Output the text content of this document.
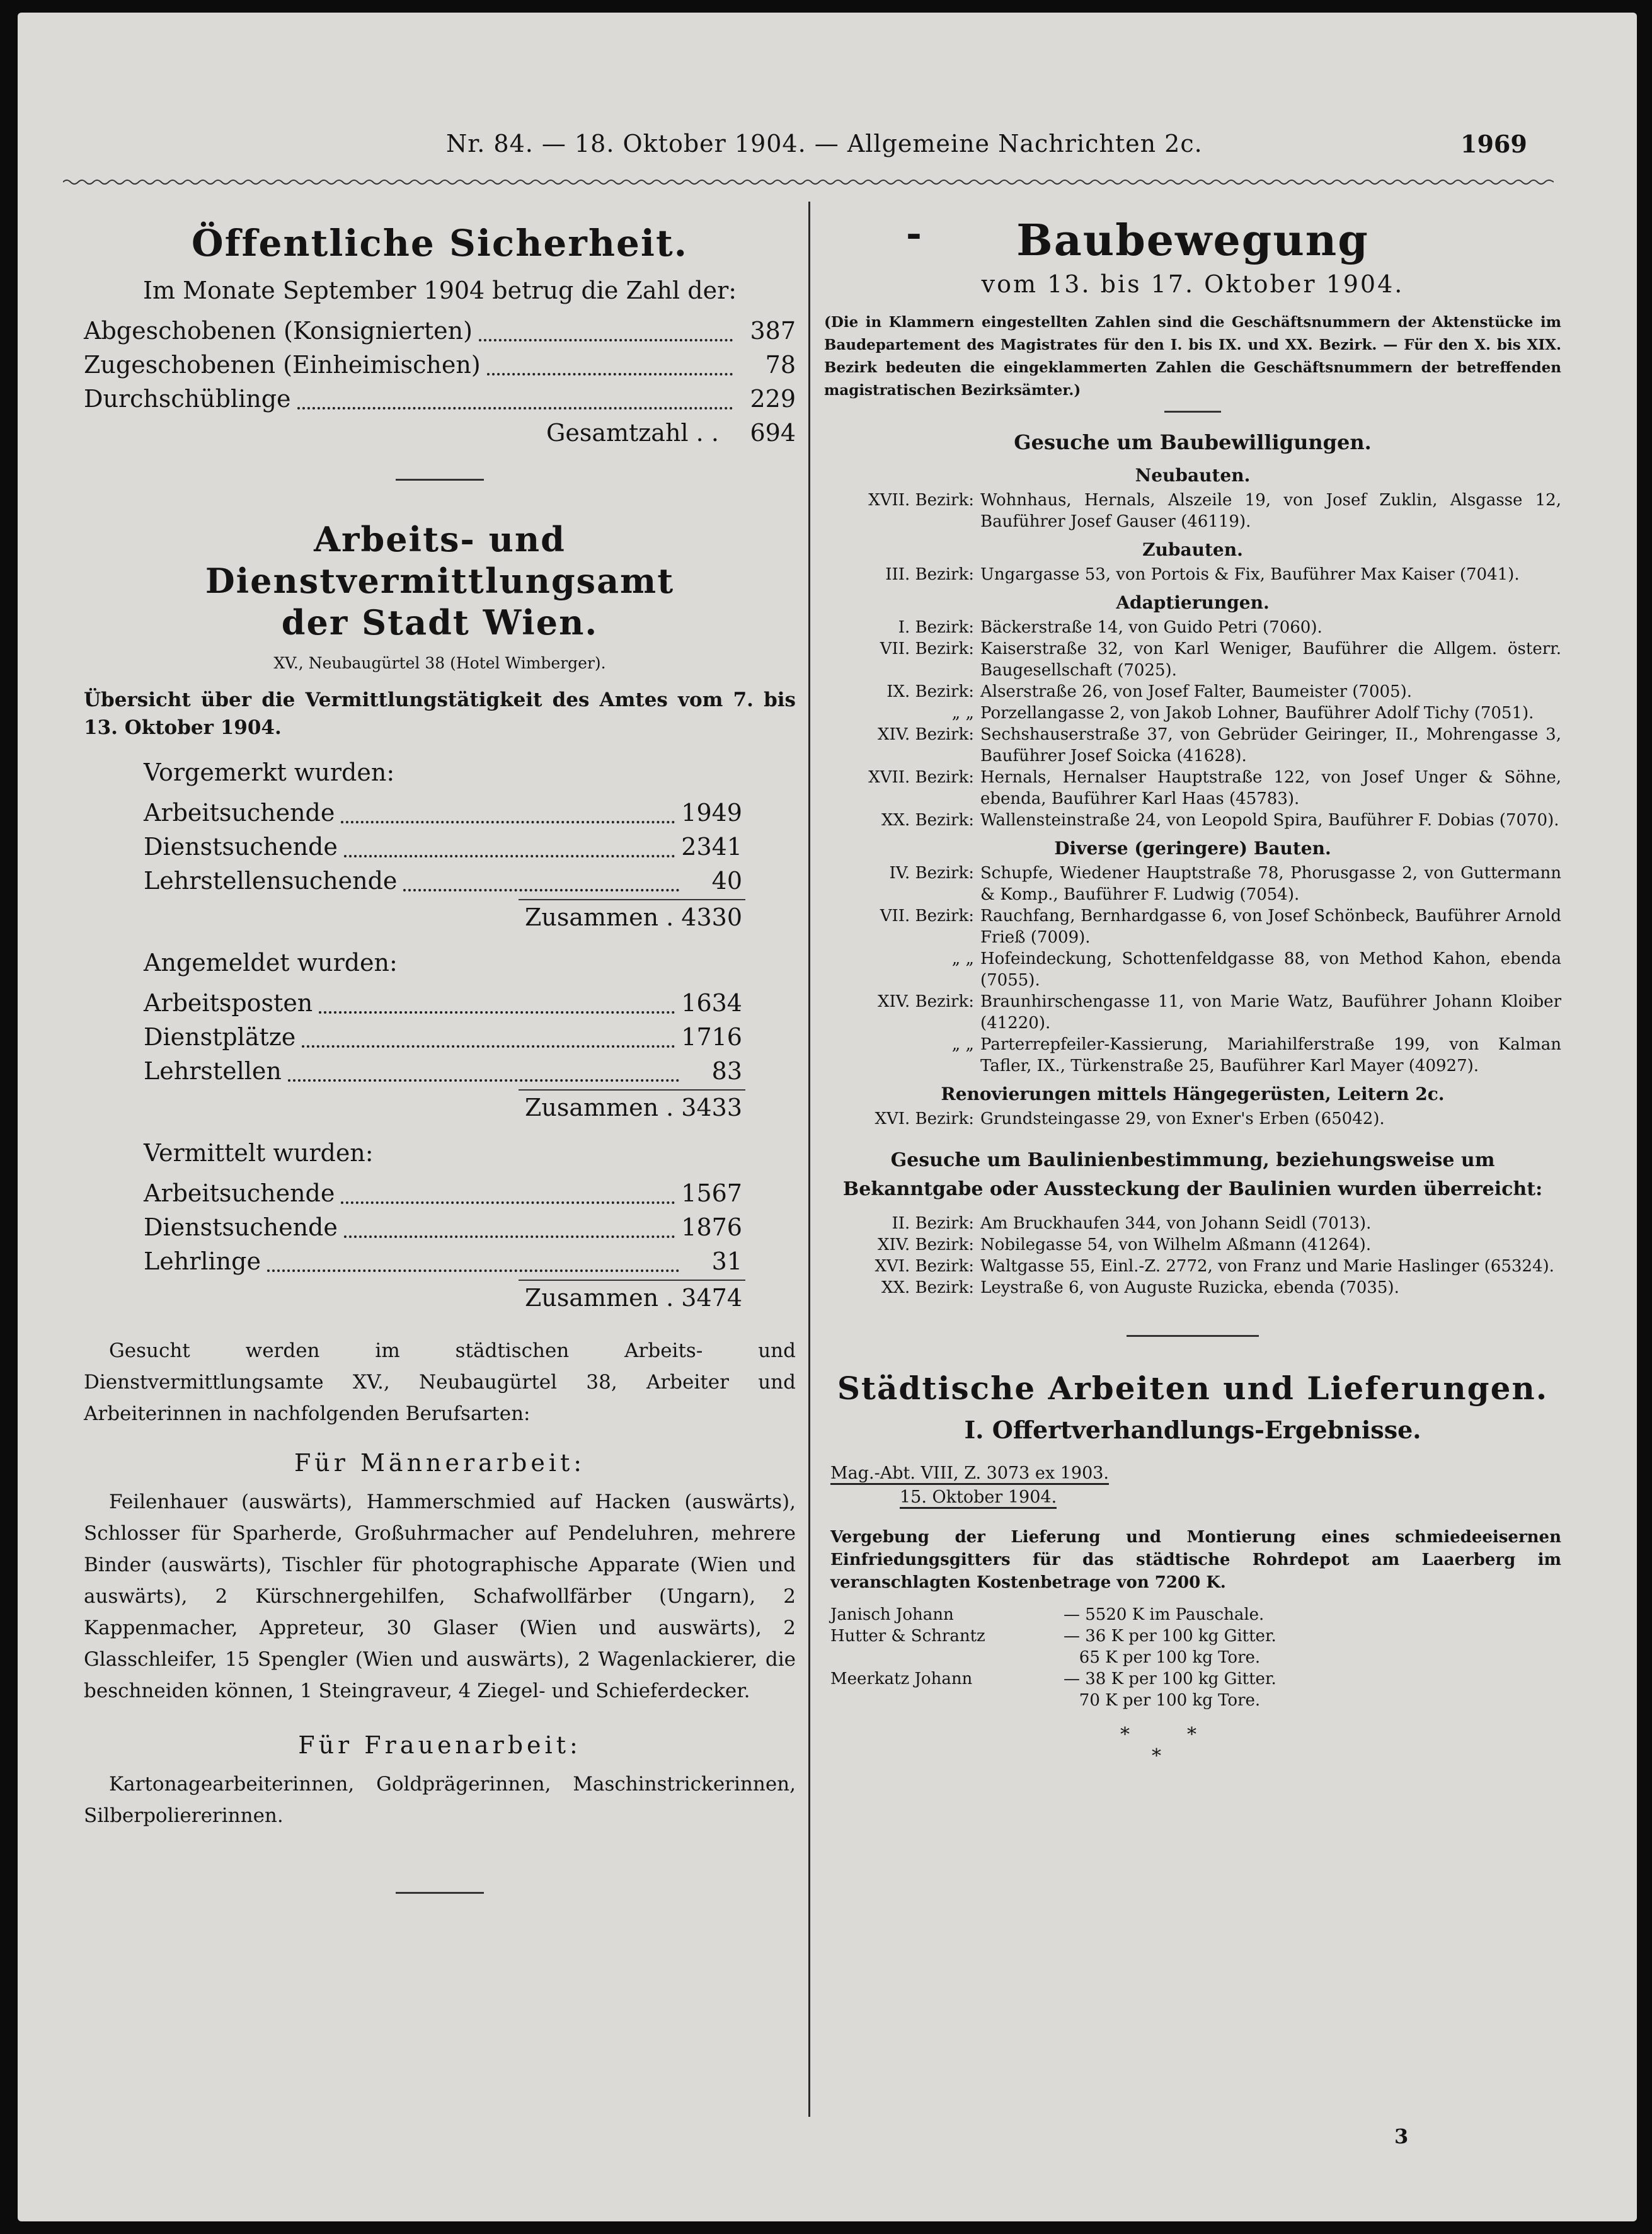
Nr. 84. — 18. Oktober 1904. — Allgemeine Nachrichten 2c.	1969
Öffentliche Sicherheit.
Im Monate September 1904 betrug die Zahl der:
Abgeschobenen (Konsignierten)	387
Zugeschobenen (Einheimischen)	78
Durchschüblinge	229
Gesamtzahl . . 694
Arbeits- und Dienstvermittlungsamt
der Stadt Wien.
XV., Neubaugürtel 38 (Hotel Wimberger).
Übersicht über die Vermittlungstätigkeit des Amtes vom 7. bis 13. Oktober 1904.
Vorgemerkt wurden:
Arbeitsuchende	1949
Dienstsuchende	2341
Lehrstellensuchende	40
Zusammen . 4330
Angemeldet wurden:
Arbeitsposten	1634
Dienstplätze	1716
Lehrstellen	83
Zusammen . 3433
Vermittelt wurden:
Arbeitsuchende	1567
Dienstsuchende	1876
Lehrlinge	31
Zusammen . 3474
Gesucht werden im städtischen Arbeits- und Dienstvermittlungsamte XV., Neubaugürtel 38, Arbeiter und Arbeiterinnen in nachfolgenden Berufsarten:
Für Männerarbeit:
Feilenhauer (auswärts), Hammerschmied auf Hacken (auswärts), Schlosser für Sparherde, Großuhrmacher auf Pendeluhren, mehrere Binder (auswärts), Tischler für photographische Apparate (Wien und auswärts), 2 Kürschnergehilfen, Schafwollfärber (Ungarn), 2 Kappenmacher, Appreteur, 30 Glaser (Wien und auswärts), 2 Glasschleifer, 15 Spengler (Wien und auswärts), 2 Wagenlackierer, die beschneiden können, 1 Steingraveur, 4 Ziegel- und Schieferdecker.
Für Frauenarbeit:
Kartonagearbeiterinnen, Goldprägerinnen, Maschinstrickerinnen, Silberpoliererinnen.
- Baubewegung
vom 13. bis 17. Oktober 1904.
(Die in Klammern eingestellten Zahlen sind die Geschäftsnummern der Aktenstücke im Baudepartement des Magistrates für den I. bis IX. und XX. Bezirk. — Für den X. bis XIX. Bezirk bedeuten die eingeklammerten Zahlen die Geschäftsnummern der betreffenden magistratischen Bezirksämter.)
Gesuche um Baubewilligungen.
Neubauten.
XVII. Bezirk: Wohnhaus, Hernals, Alszeile 19, von Josef Zuklin, Alsgasse 12, Bauführer Josef Gauser (46119).
Zubauten.
III. Bezirk: Ungargasse 53, von Portois & Fix, Bauführer Max Kaiser (7041).
Adaptierungen.
I. Bezirk: Bäckerstraße 14, von Guido Petri (7060).
VII. Bezirk: Kaiserstraße 32, von Karl Weniger, Bauführer die Allgem. österr. Baugesellschaft (7025).
IX. Bezirk: Alserstraße 26, von Josef Falter, Baumeister (7005).
„ „ Porzellangasse 2, von Jakob Lohner, Bauführer Adolf Tichy (7051).
XIV. Bezirk: Sechshauserstraße 37, von Gebrüder Geiringer, II., Mohrengasse 3, Bauführer Josef Soicka (41628).
XVII. Bezirk: Hernals, Hernalser Hauptstraße 122, von Josef Unger & Söhne, ebenda, Bauführer Karl Haas (45783).
XX. Bezirk: Wallensteinstraße 24, von Leopold Spira, Bauführer F. Dobias (7070).
Diverse (geringere) Bauten.
IV. Bezirk: Schupfe, Wiedener Hauptstraße 78, Phorusgasse 2, von Guttermann & Komp., Bauführer F. Ludwig (7054).
VII. Bezirk: Rauchfang, Bernhardgasse 6, von Josef Schönbeck, Bauführer Arnold Frieß (7009).
„ „ Hofeindeckung, Schottenfeldgasse 88, von Method Kahon, ebenda (7055).
XIV. Bezirk: Braunhirschengasse 11, von Marie Watz, Bauführer Johann Kloiber (41220).
„ „ Parterrepfeiler-Kassierung, Mariahilferstraße 199, von Kalman Tafler, IX., Türkenstraße 25, Bauführer Karl Mayer (40927).
Renovierungen mittels Hängegerüsten, Leitern 2c.
XVI. Bezirk: Grundsteingasse 29, von Exner's Erben (65042).
Gesuche um Baulinienbestimmung, beziehungsweise um Bekanntgabe oder Aussteckung der Baulinien wurden überreicht:
II. Bezirk: Am Bruckhaufen 344, von Johann Seidl (7013).
XIV. Bezirk: Nobilegasse 54, von Wilhelm Aßmann (41264).
XVI. Bezirk: Waltgasse 55, Einl.-Z. 2772, von Franz und Marie Haslinger (65324).
XX. Bezirk: Leystraße 6, von Auguste Ruzicka, ebenda (7035).
Städtische Arbeiten und Lieferungen.
I. Offertverhandlungs-Ergebnisse.
Mag.-Abt. VIII, Z. 3073 ex 1903.
15. Oktober 1904.
Vergebung der Lieferung und Montierung eines schmiedeeisernen Einfriedungsgitters für das städtische Rohrdepot am Laaerberg im veranschlagten Kostenbetrage von 7200 K.
Janisch Johann	— 5520 K im Pauschale.
Hutter & Schrantz	— 36 K per 100 kg Gitter.
65 K per 100 kg Tore.
Meerkatz Johann	— 38 K per 100 kg Gitter.
70 K per 100 kg Tore.
*	*
*
3
